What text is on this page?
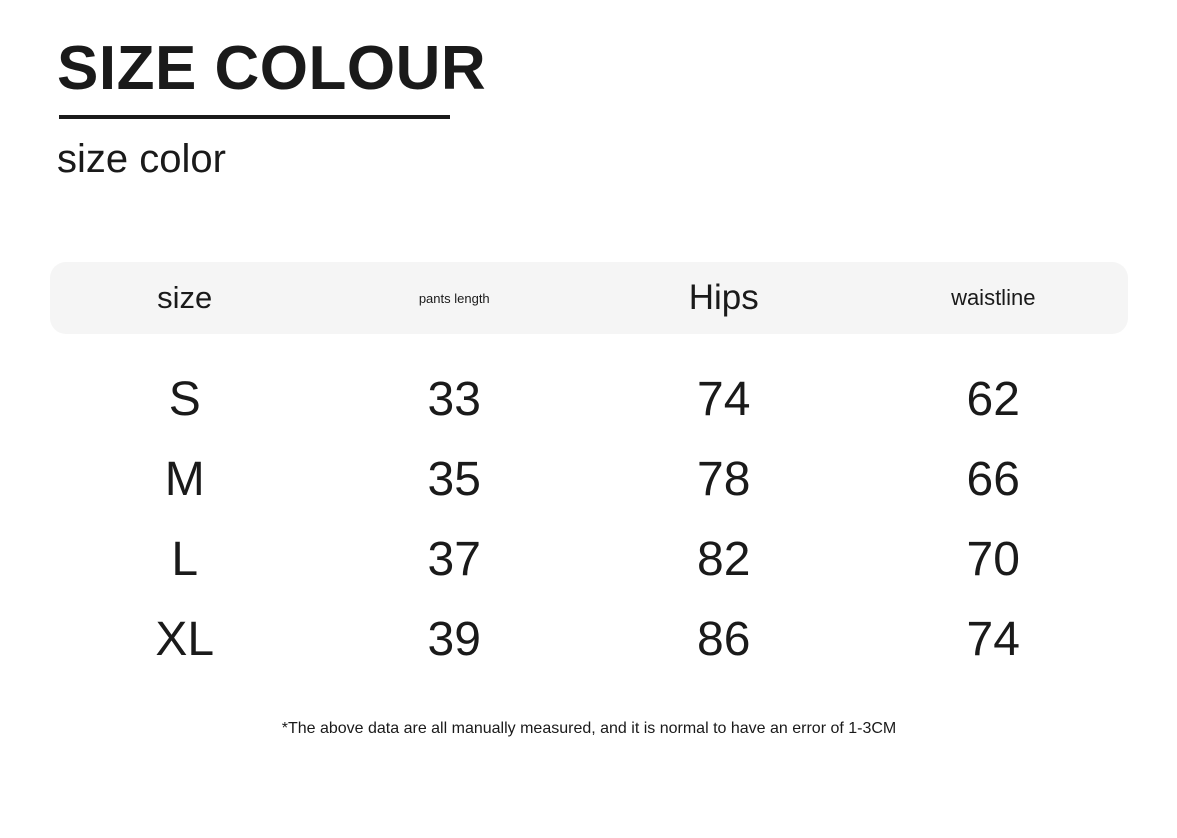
SIZE COLOUR
size color
size	pants length	Hips	waistline
S	33	74	62
M	35	78	66
L	37	82	70
XL	39	86	74

*The above data are all manually measured, and it is normal to have an error of 1-3CM
